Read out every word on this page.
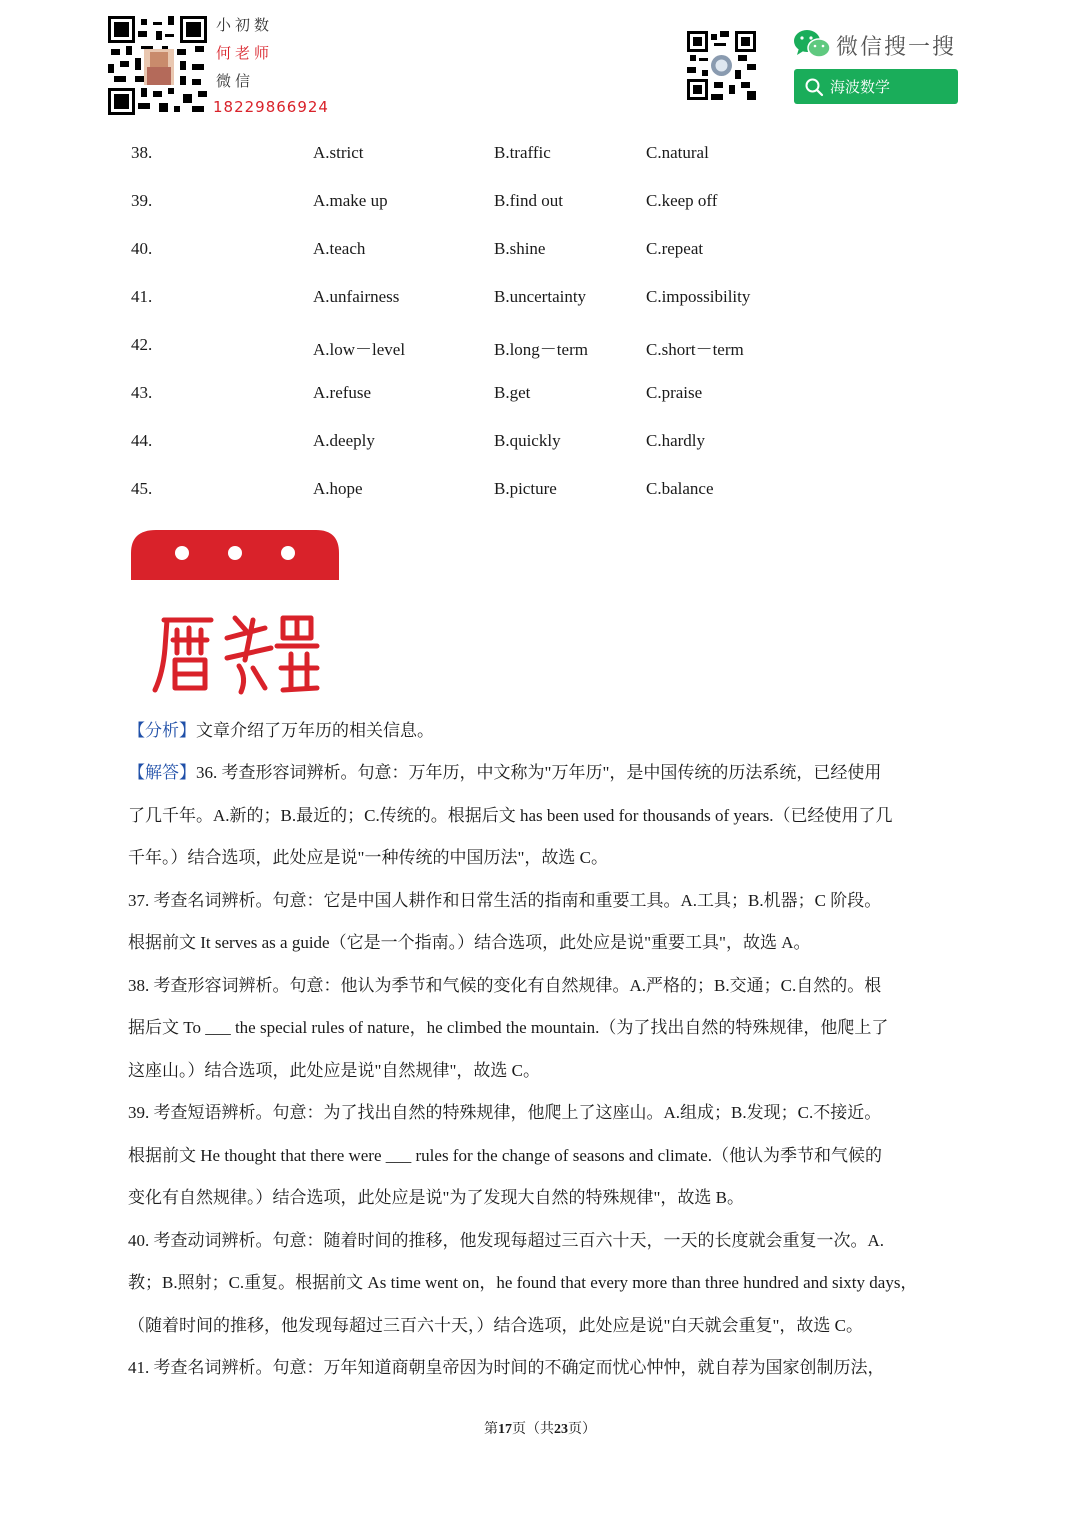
小初数
何老师
微信
18229866924
微信搜一搜
海波数学
38.	A.strict	B.traffic	C.natural
39.	A.make up	B.find out	C.keep off
40.	A.teach	B.shine	C.repeat
41.	A.unfairness	B.uncertainty	C.impossibility
42.	A.low－level	B.long－term	C.short－term
43.	A.refuse	B.get	C.praise
44.	A.deeply	B.quickly	C.hardly
45.	A.hope	B.picture	C.balance
曆
【分析】文章介绍了万年历的相关信息。
【解答】36. 考查形容词辨析。句意：万年历，中文称为"万年历"，是中国传统的历法系统，已经使用
了几千年。A.新的；B.最近的；C.传统的。根据后文 has been used for thousands of years.（已经使用了几
千年。）结合选项，此处应是说"一种传统的中国历法"，故选 C。
37. 考查名词辨析。句意：它是中国人耕作和日常生活的指南和重要工具。A.工具；B.机器；C 阶段。
根据前文 It serves as a guide（它是一个指南。）结合选项，此处应是说"重要工具"，故选 A。
38. 考查形容词辨析。句意：他认为季节和气候的变化有自然规律。A.严格的；B.交通；C.自然的。根
据后文 To ___ the special rules of nature，he climbed the mountain.（为了找出自然的特殊规律，他爬上了
这座山。）结合选项，此处应是说"自然规律"，故选 C。
39. 考查短语辨析。句意：为了找出自然的特殊规律，他爬上了这座山。A.组成；B.发现；C.不接近。
根据前文 He thought that there were ___ rules for the change of seasons and climate.（他认为季节和气候的
变化有自然规律。）结合选项，此处应是说"为了发现大自然的特殊规律"，故选 B。
40. 考查动词辨析。句意：随着时间的推移，他发现每超过三百六十天，一天的长度就会重复一次。A.
教；B.照射；C.重复。根据前文 As time went on，he found that every more than three hundred and sixty days，
（随着时间的推移，他发现每超过三百六十天，）结合选项，此处应是说"白天就会重复"，故选 C。
41. 考查名词辨析。句意：万年知道商朝皇帝因为时间的不确定而忧心忡忡，就自荐为国家创制历法，
第17页（共23页）
